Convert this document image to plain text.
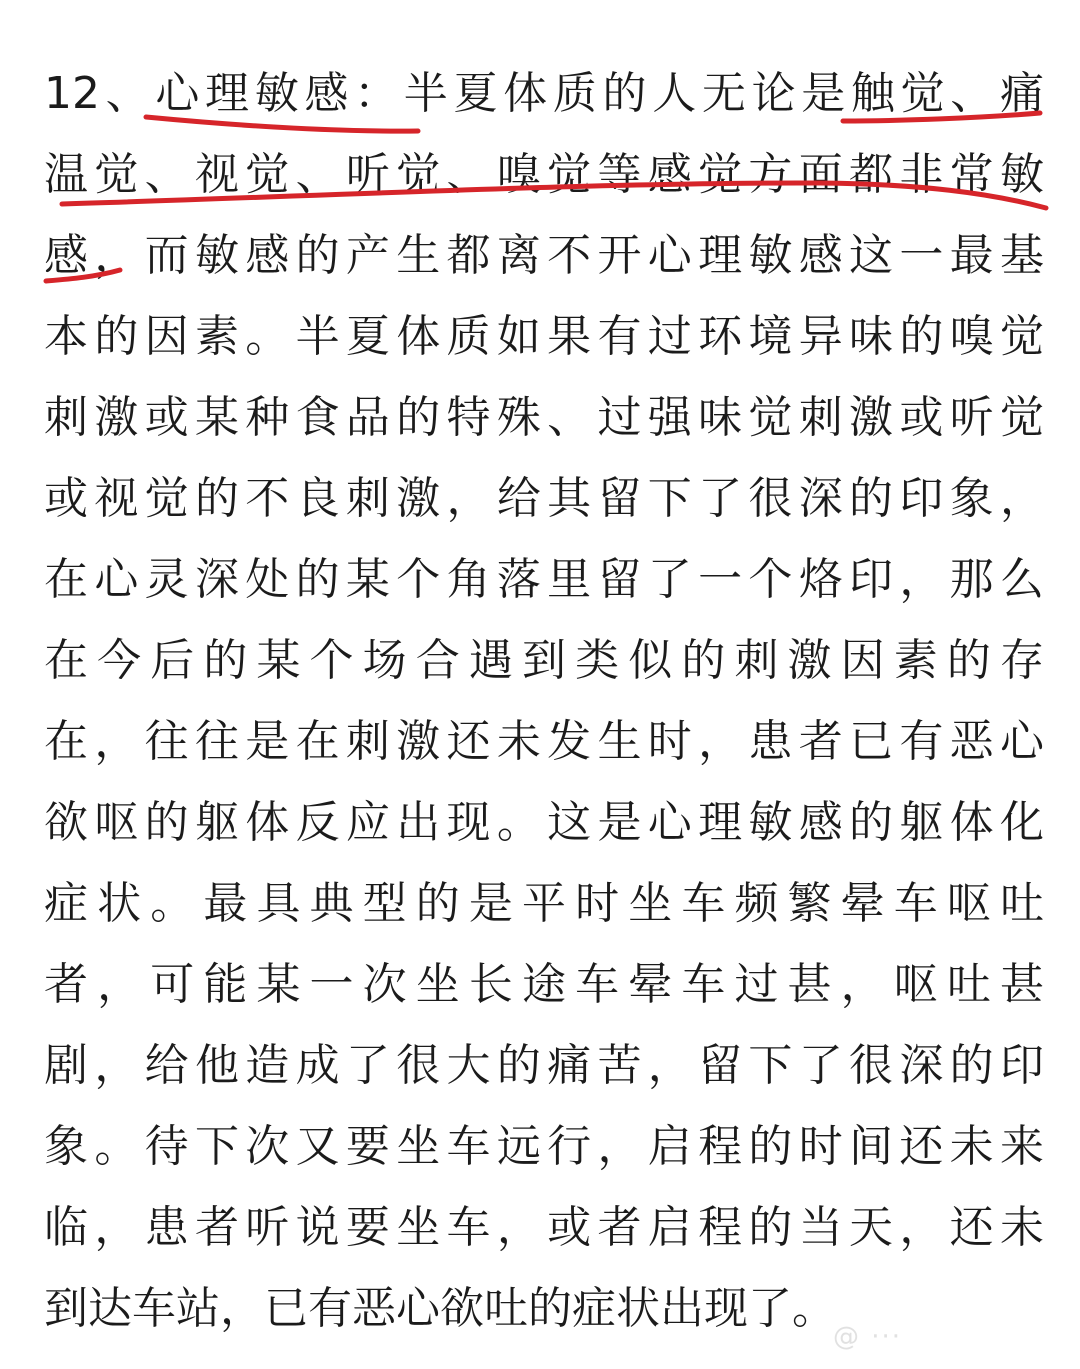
12、心理敏感：半夏体质的人无论是触觉、痛
温觉、视觉、听觉、嗅觉等感觉方面都非常敏
感，而敏感的产生都离不开心理敏感这一最基
本的因素。半夏体质如果有过环境异味的嗅觉
刺激或某种食品的特殊、过强味觉刺激或听觉
或视觉的不良刺激，给其留下了很深的印象，
在心灵深处的某个角落里留了一个烙印，那么
在今后的某个场合遇到类似的刺激因素的存
在，往往是在刺激还未发生时，患者已有恶心
欲呕的躯体反应出现。这是心理敏感的躯体化
症状。最具典型的是平时坐车频繁晕车呕吐
者，可能某一次坐长途车晕车过甚，呕吐甚
剧，给他造成了很大的痛苦，留下了很深的印
象。待下次又要坐车远行，启程的时间还未来
临，患者听说要坐车，或者启程的当天，还未
到达车站，已有恶心欲吐的症状出现了。
@ ···
